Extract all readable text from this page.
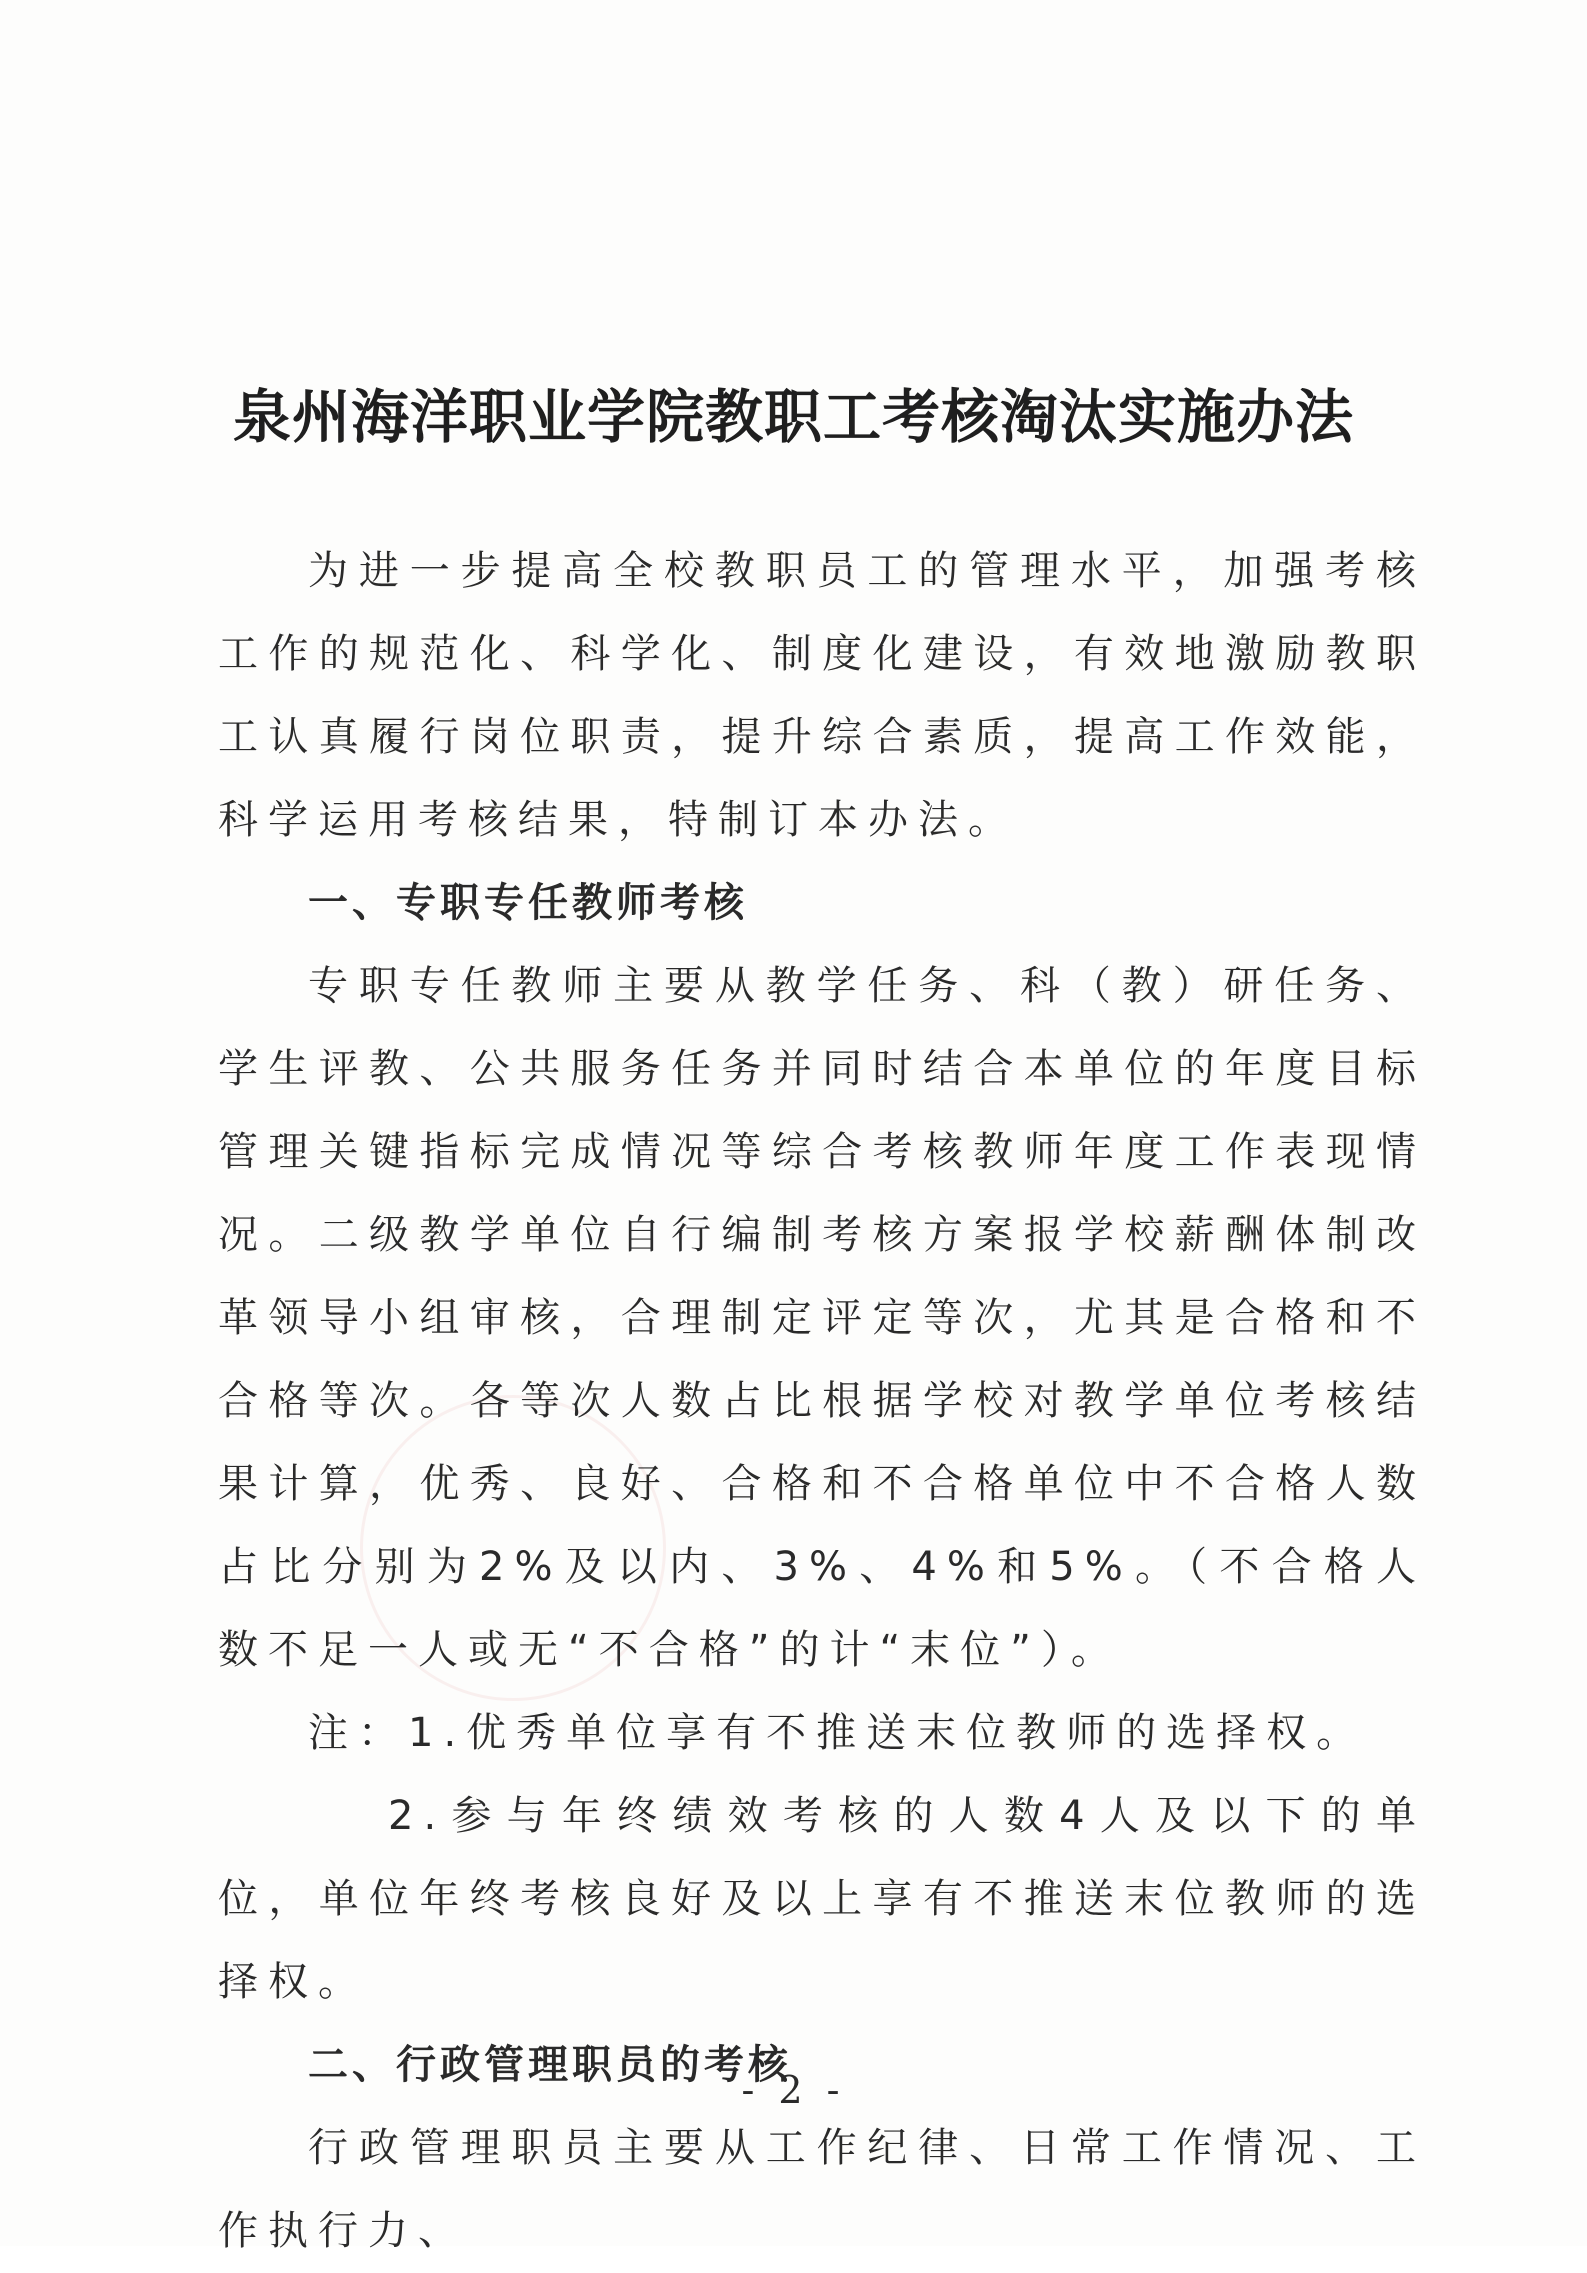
泉州海洋职业学院教职工考核淘汰实施办法

为进一步提高全校教职员工的管理水平，加强考核工作的规范化、科学化、制度化建设，有效地激励教职工认真履行岗位职责，提升综合素质，提高工作效能，科学运用考核结果，特制订本办法。

一、专职专任教师考核

专职专任教师主要从教学任务、科（教）研任务、学生评教、公共服务任务并同时结合本单位的年度目标管理关键指标完成情况等综合考核教师年度工作表现情况。二级教学单位自行编制考核方案报学校薪酬体制改革领导小组审核，合理制定评定等次，尤其是合格和不合格等次。各等次人数占比根据学校对教学单位考核结果计算，优秀、良好、合格和不合格单位中不合格人数占比分别为2%及以内、3%、4%和5%。（不合格人数不足一人或无“不合格”的计“末位”）。

注：1.优秀单位享有不推送末位教师的选择权。

2.参与年终绩效考核的人数4人及以下的单位，单位年终考核良好及以上享有不推送末位教师的选择权。

二、行政管理职员的考核

行政管理职员主要从工作纪律、日常工作情况、工作执行力、

- 2 -
